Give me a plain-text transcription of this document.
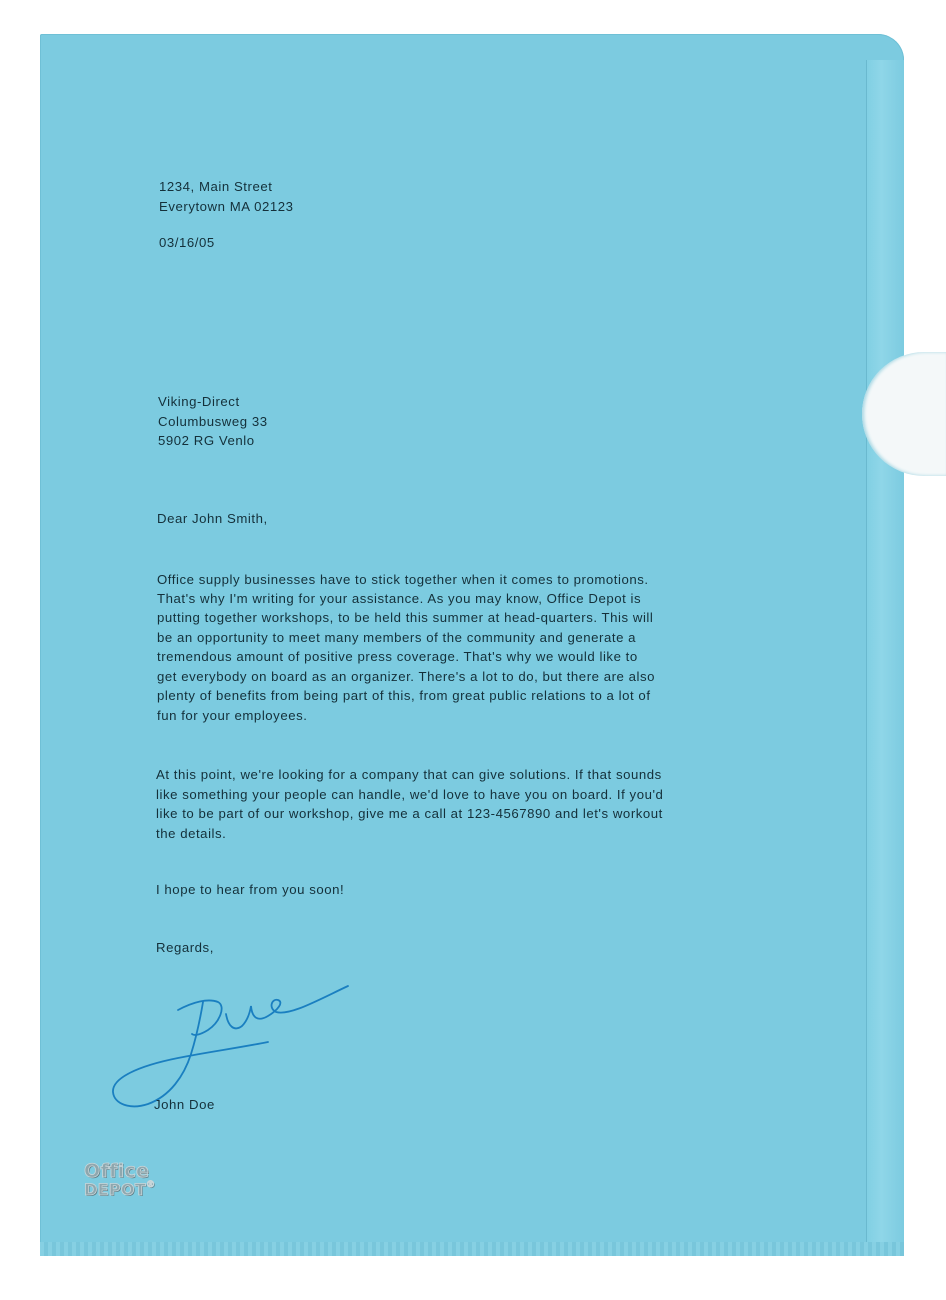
1234, Main Street

Everytown MA 02123

03/16/05

Viking-Direct

Columbusweg 33

5902 RG Venlo

Dear John Smith,

Office supply businesses have to stick together when it comes to promotions.

That's why I'm writing for your assistance. As you may know, Office Depot is

putting together workshops, to be held this summer at head-quarters. This will

be an opportunity to meet many members of the community and generate a

tremendous amount of positive press coverage. That's why we would like to

get everybody on board as an organizer. There's a lot to do, but there are also

plenty of benefits from being part of this, from great public relations to a lot of

fun for your employees.

At this point, we're looking for a company that can give solutions. If that sounds

like something your people can handle, we'd love to have you on board. If you'd

like to be part of our workshop, give me a call at 123-4567890 and let's workout

the details.

I hope to hear from you soon!

Regards,

John Doe

Office
DEPOT®
